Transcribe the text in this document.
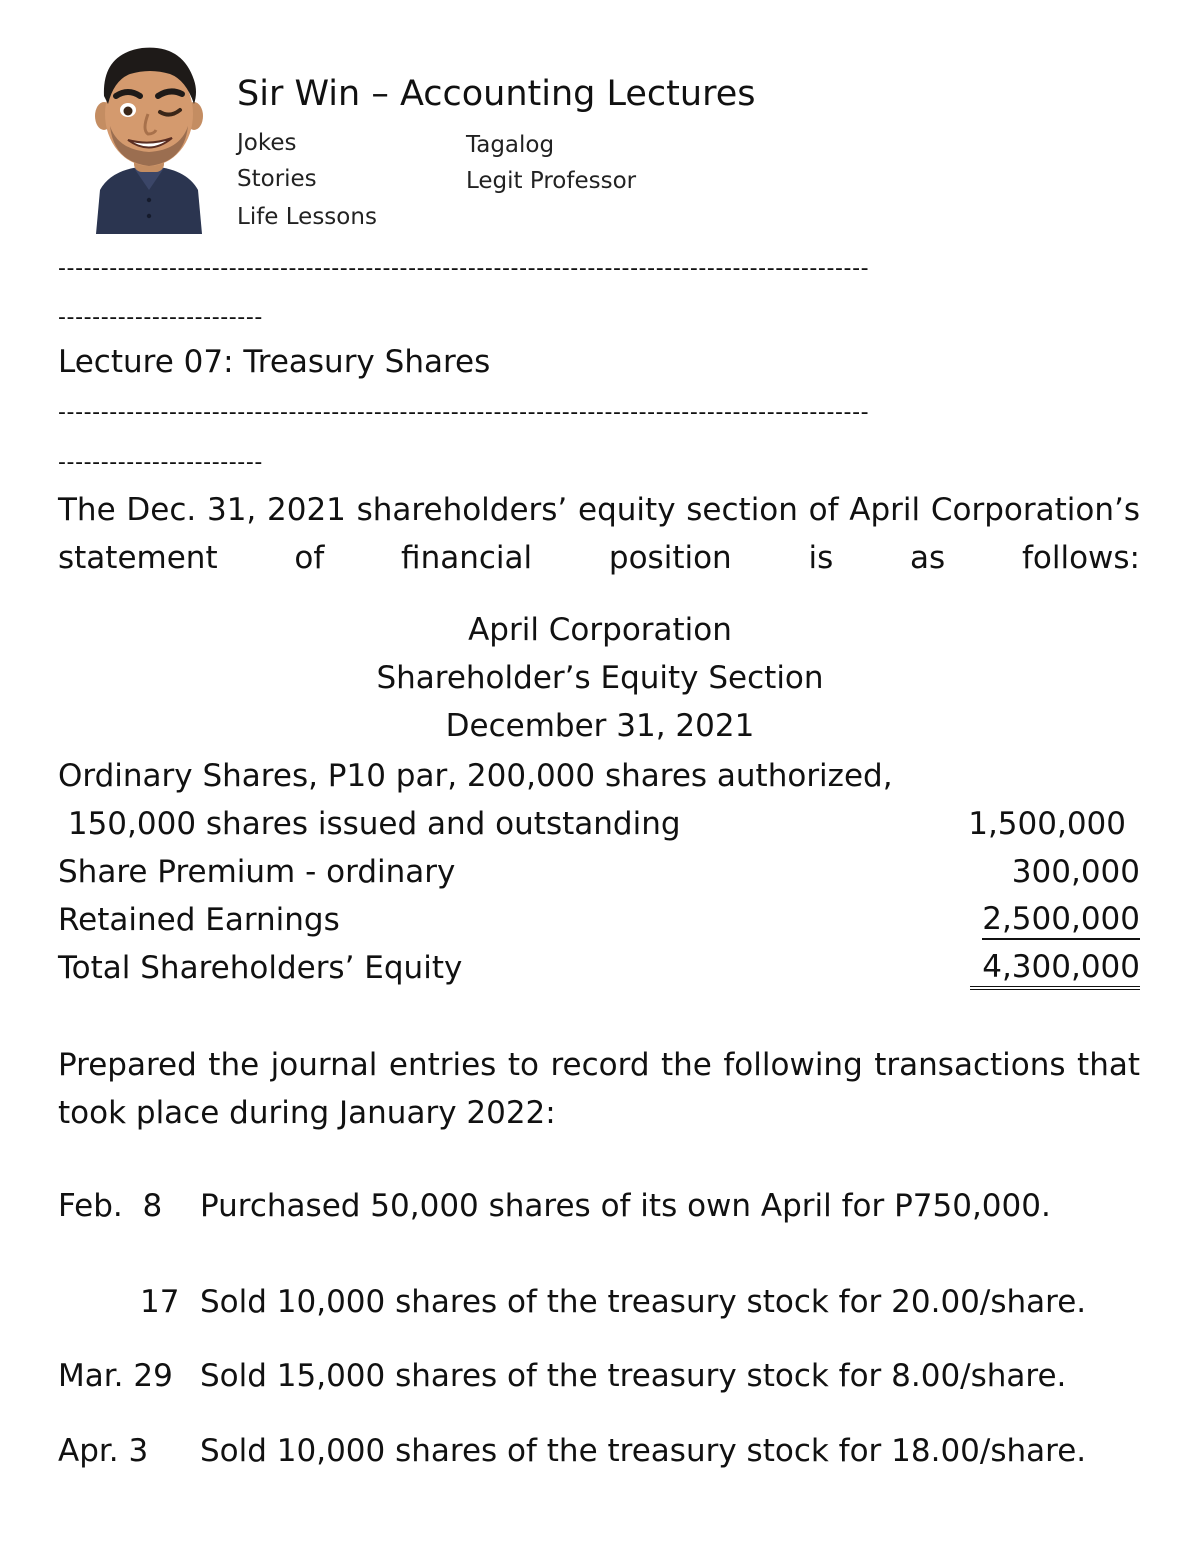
Sir Win – Accounting Lectures
Jokes
Stories
Life Lessons
Tagalog
Legit Professor
-----------------------------------------------------------------------------------------------
------------------------
Lecture 07: Treasury Shares
-----------------------------------------------------------------------------------------------
------------------------
The Dec. 31, 2021 shareholders’ equity section of April Corporation’s statement of financial position is as follows:
April Corporation
Shareholder’s Equity Section
December 31, 2021
Ordinary Shares, P10 par, 200,000 shares authorized,
150,000 shares issued and outstanding	1,500,000
Share Premium - ordinary	300,000
Retained Earnings	2,500,000
Total Shareholders’ Equity	4,300,000
Prepared the journal entries to record the following transactions that took place during January 2022:
Feb.  8 Purchased 50,000 shares of its own April for P750,000.
17 Sold 10,000 shares of the treasury stock for 20.00/share.
Mar. 29 Sold 15,000 shares of the treasury stock for 8.00/share.
Apr. 3 Sold 10,000 shares of the treasury stock for 18.00/share.
